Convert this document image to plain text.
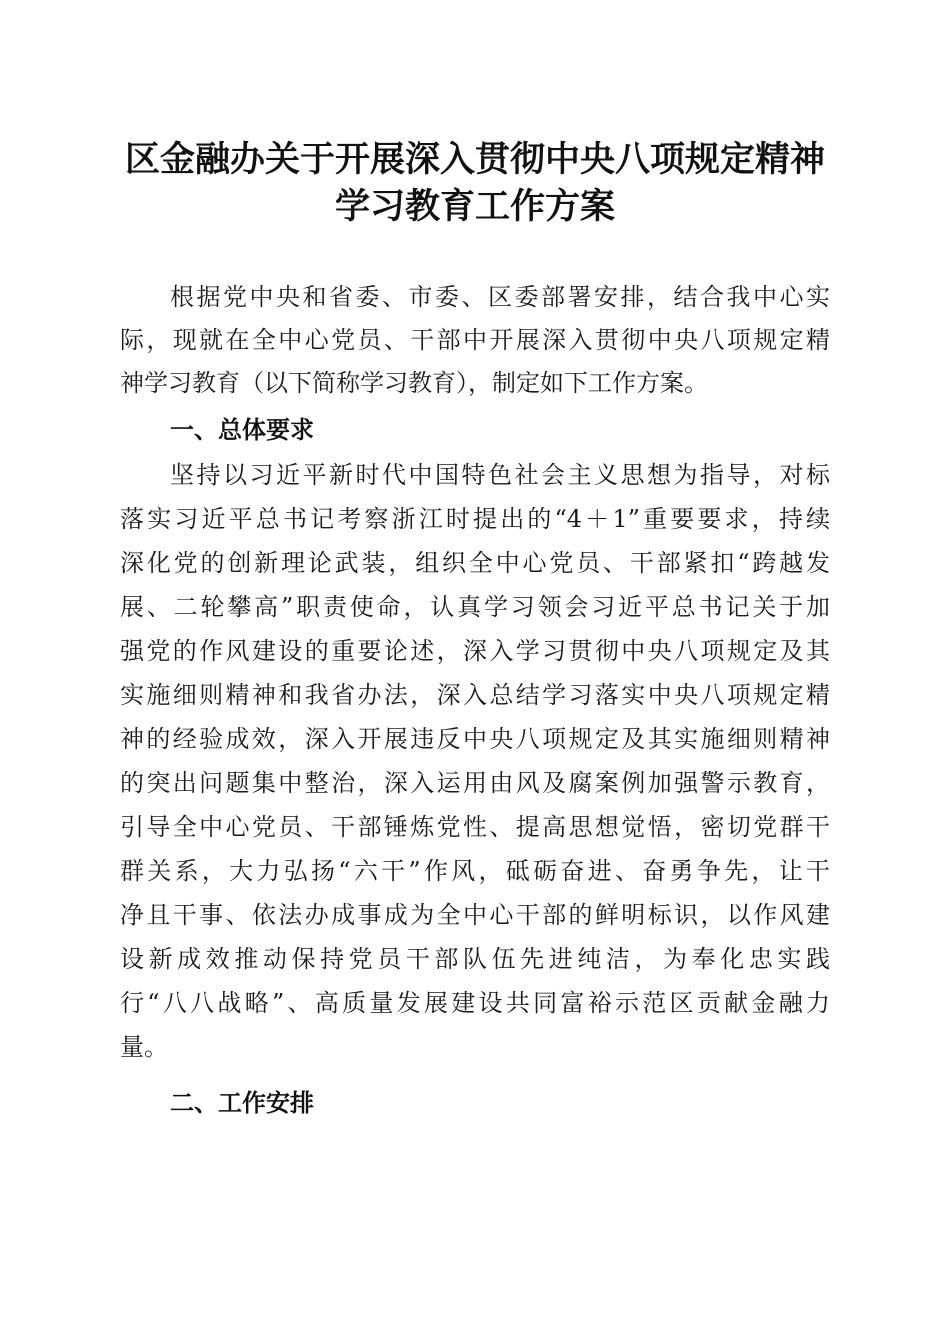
区金融办关于开展深入贯彻中央八项规定精神
学习教育工作方案
根据党中央和省委、市委、区委部署安排，结合我中心实
际，现就在全中心党员、干部中开展深入贯彻中央八项规定精
神学习教育（以下简称学习教育），制定如下工作方案。
一、总体要求
坚持以习近平新时代中国特色社会主义思想为指导，对标
落实习近平总书记考察浙江时提出的“4＋1”重要要求，持续
深化党的创新理论武装，组织全中心党员、干部紧扣“跨越发
展、二轮攀高”职责使命，认真学习领会习近平总书记关于加
强党的作风建设的重要论述，深入学习贯彻中央八项规定及其
实施细则精神和我省办法，深入总结学习落实中央八项规定精
神的经验成效，深入开展违反中央八项规定及其实施细则精神
的突出问题集中整治，深入运用由风及腐案例加强警示教育，
引导全中心党员、干部锤炼党性、提高思想觉悟，密切党群干
群关系，大力弘扬“六干”作风，砥砺奋进、奋勇争先，让干
净且干事、依法办成事成为全中心干部的鲜明标识，以作风建
设新成效推动保持党员干部队伍先进纯洁，为奉化忠实践
行“八八战略”、高质量发展建设共同富裕示范区贡献金融力
量。
二、工作安排
